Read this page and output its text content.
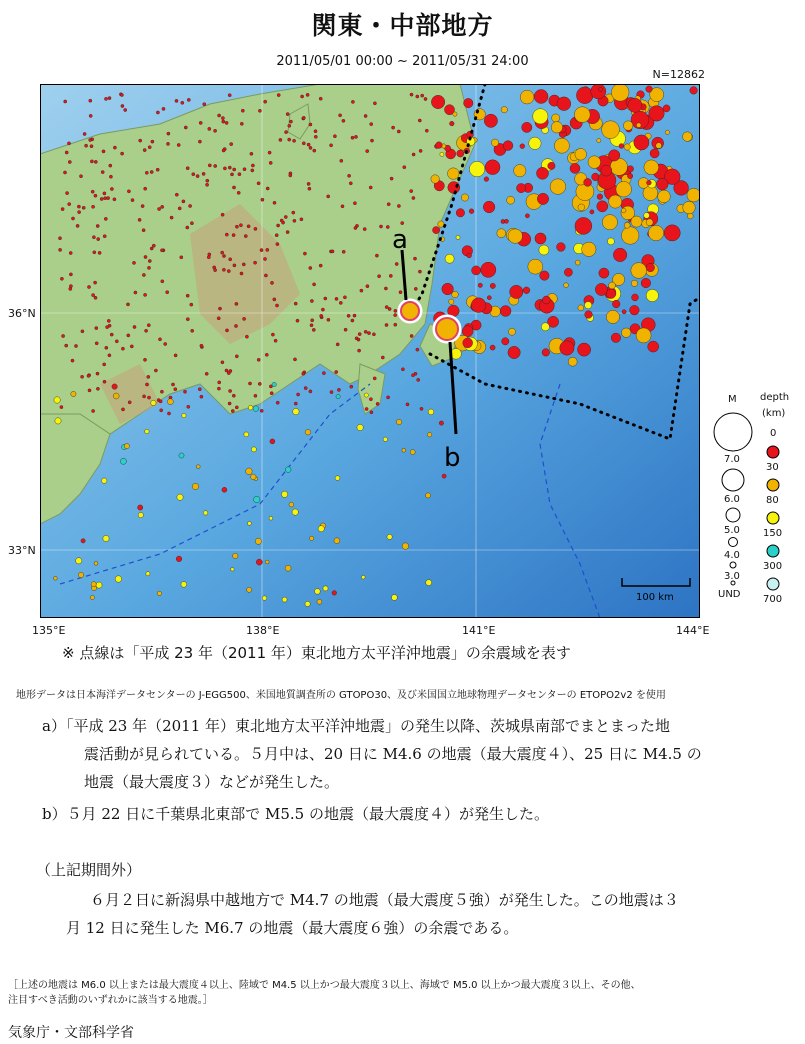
関東・中部地方
2011/05/01 00:00 ~ 2011/05/31 24:00
N=12862
a
b
100 km
36°N
33°N
135°E	138°E	141°E	144°E
M depth
(km)
7.0
6.0
5.0
4.0
3.0
UND
0
30
80
150
300
700
※ 点線は「平成 23 年（2011 年）東北地方太平洋沖地震」の余震域を表す
地形データは日本海洋データセンターの J-EGG500、米国地質調査所の GTOPO30、及び米国国立地球物理データセンターの ETOPO2v2 を使用
a）「平成 23 年（2011 年）東北地方太平洋沖地震」の発生以降、茨城県南部でまとまった地
震活動が見られている。５月中は、20 日に M4.6 の地震（最大震度４）、25 日に M4.5 の
地震（最大震度３）などが発生した。
b）５月 22 日に千葉県北東部で M5.5 の地震（最大震度４）が発生した。
（上記期間外）
６月２日に新潟県中越地方で M4.7 の地震（最大震度５強）が発生した。この地震は３
月 12 日に発生した M6.7 の地震（最大震度６強）の余震である。
［上述の地震は M6.0 以上または最大震度４以上、陸域で M4.5 以上かつ最大震度３以上、海域で M5.0 以上かつ最大震度３以上、その他、
注目すべき活動のいずれかに該当する地震。］
気象庁・文部科学省
